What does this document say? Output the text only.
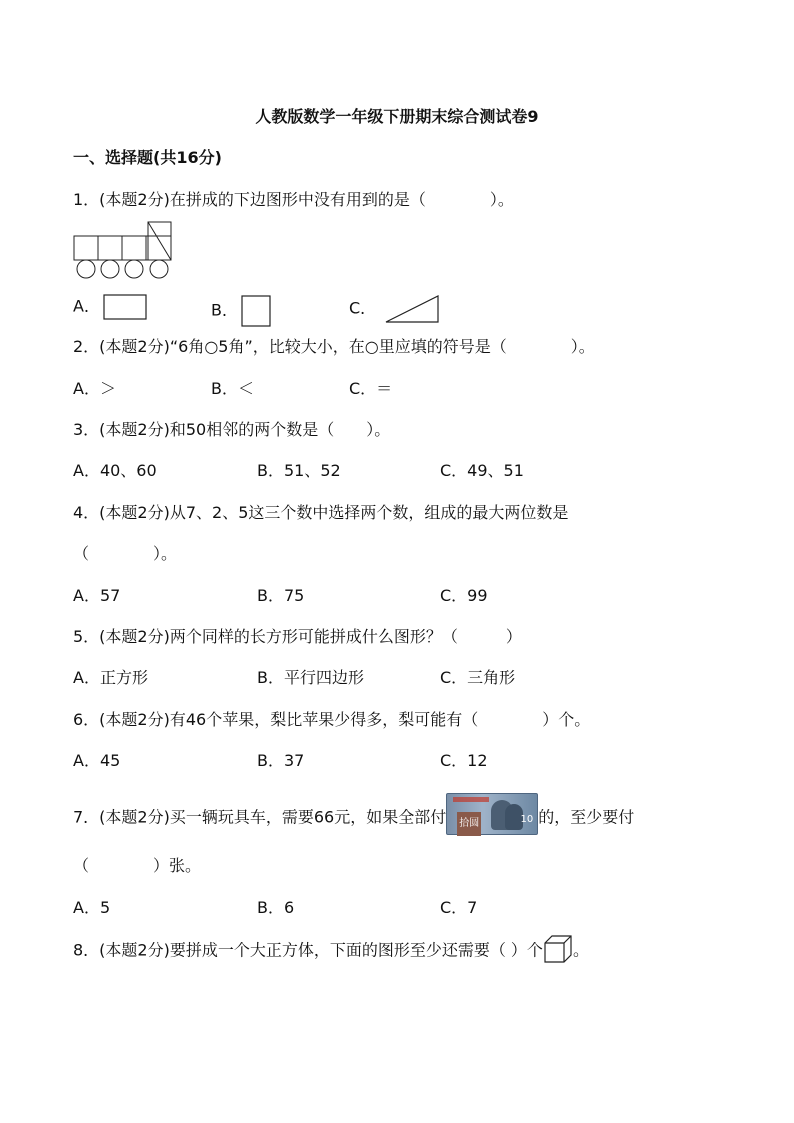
人教版数学一年级下册期末综合测试卷9
一、选择题(共16分)
1．(本题2分)在拼成的下边图形中没有用到的是（　　　　）。
A．	B．	C．
2．(本题2分)“6角○5角”，比较大小，在○里应填的符号是（　　　　）。
A．＞	B．＜	C．＝
3．(本题2分)和50相邻的两个数是（　　）。
A．40、60	B．51、52	C．49、51
4．(本题2分)从7、2、5这三个数中选择两个数，组成的最大两位数是
（　　　　）。
A．57	B．75	C．99
5．(本题2分)两个同样的长方形可能拼成什么图形？（　　　）
A．正方形	B．平行四边形	C．三角形
6．(本题2分)有46个苹果，梨比苹果少得多，梨可能有（　　　　）个。
A．45	B．37	C．12
7．(本题2分)买一辆玩具车，需要66元，如果全部付 拾圆	10 的，至少要付
（　　　　）张。
A．5	B．6	C．7
8．(本题2分)要拼成一个大正方体，下面的图形至少还需要（ ）个 。
